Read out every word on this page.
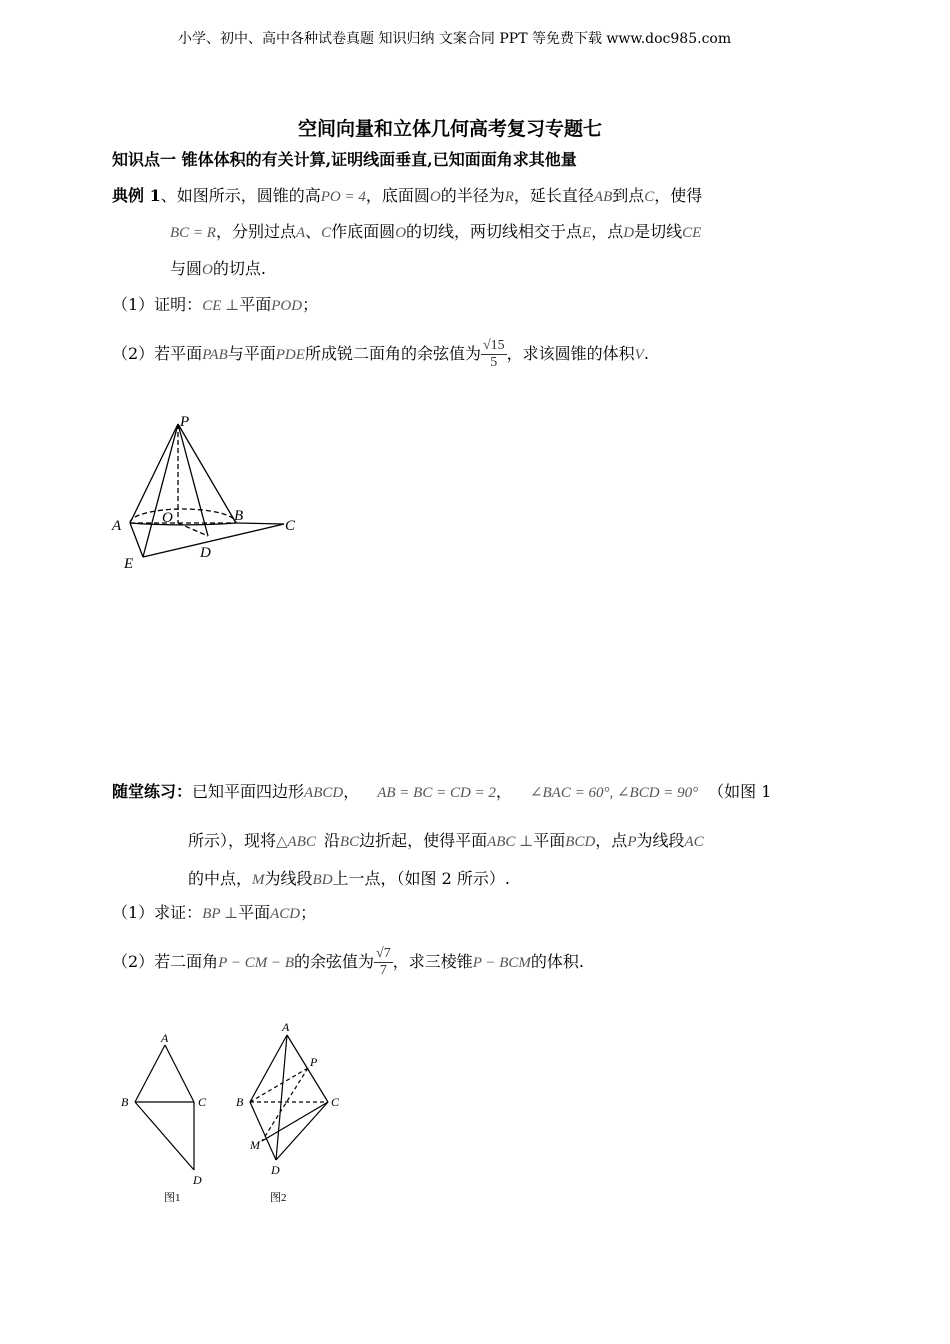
小学、初中、高中各种试卷真题 知识归纳 文案合同 PPT 等免费下载 www.doc985.com
空间向量和立体几何高考复习专题七
知识点一 锥体体积的有关计算,证明线面垂直,已知面面角求其他量
典例 1、如图所示，圆锥的高PO = 4，底面圆O的半径为R，延长直径AB到点C，使得
BC = R，分别过点A、C作底面圆O的切线，两切线相交于点E，点D是切线CE
与圆O的切点.
（1）证明：CE ⊥平面POD；
（2）若平面PAB与平面PDE所成锐二面角的余弦值为 $\frac{√15}{5}$ ，求该圆锥的体积V.
P
A	O	B
C
E
D
随堂练习：已知平面四边形ABCD， AB = BC = CD = 2， ∠BAC = 60°, ∠BCD = 90° （如图 1
所示），现将△ABC 沿BC边折起，使得平面ABC ⊥平面BCD，点P为线段AC
的中点，M为线段BD上一点，（如图 2 所示）.
（1）求证：BP ⊥平面ACD；
（2）若二面角P − CM − B的余弦值为 $\frac{√7}{7}$ ，求三棱锥P − BCM的体积.
A
B	C
D
图1
A
P
B	C
M
D
图2
